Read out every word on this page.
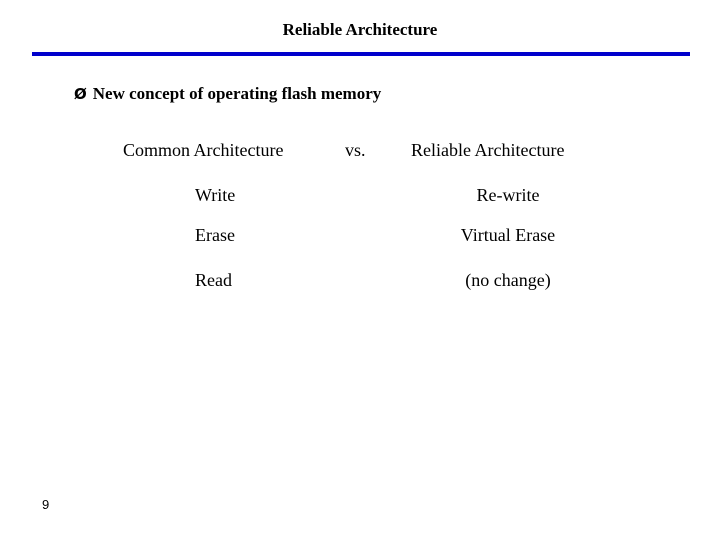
Reliable Architecture
Ø New concept of operating flash memory
Common Architecture	vs.	Reliable Architecture
Write	Re-write
Erase	Virtual Erase
Read	(no change)
9
